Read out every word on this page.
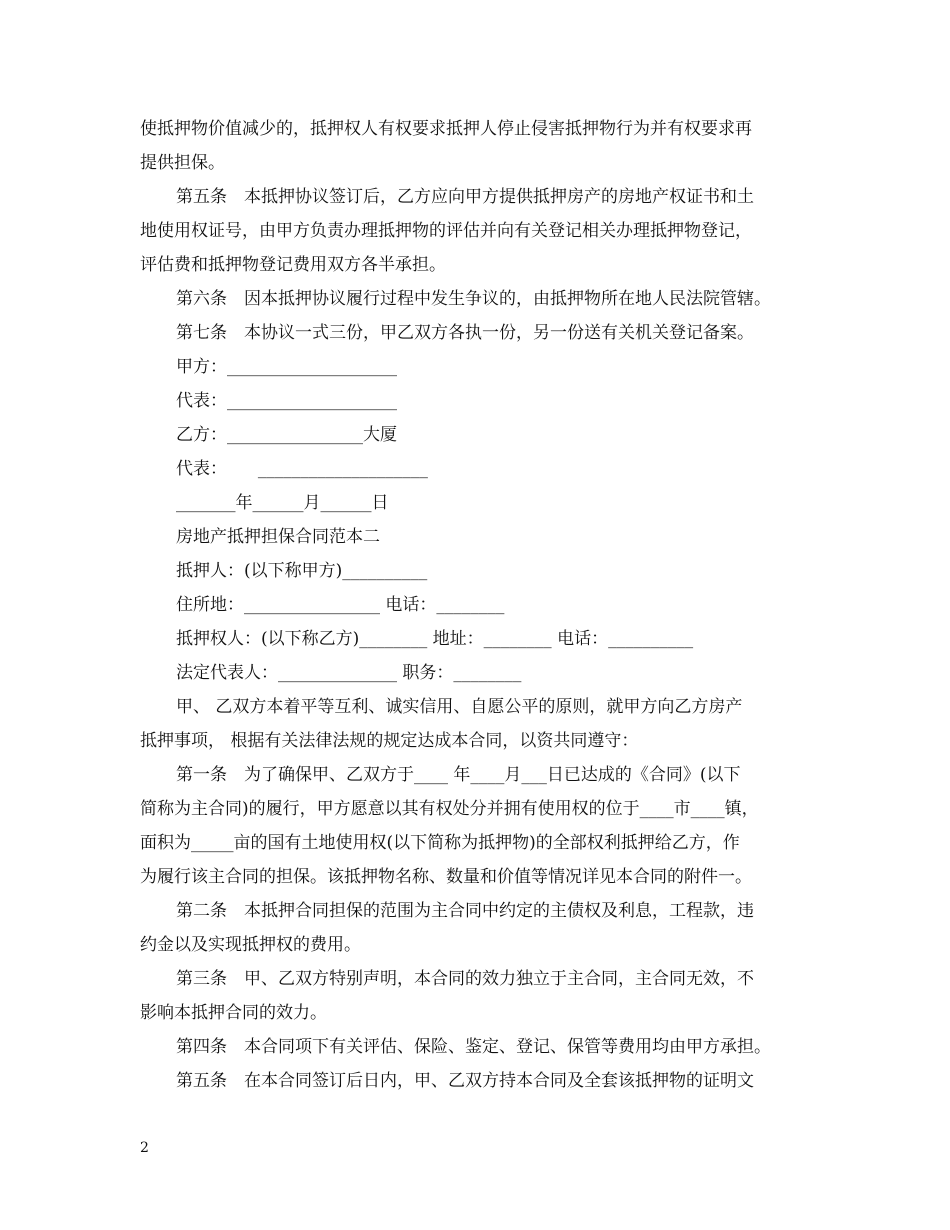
使抵押物价值减少的，抵押权人有权要求抵押人停止侵害抵押物行为并有权要求再

提供担保。

第五条　本抵押协议签订后，乙方应向甲方提供抵押房产的房地产权证书和土

地使用权证号，由甲方负责办理抵押物的评估并向有关登记相关办理抵押物登记，

评估费和抵押物登记费用双方各半承担。

第六条　因本抵押协议履行过程中发生争议的，由抵押物所在地人民法院管辖。

第七条　本协议一式三份，甲乙双方各执一份，另一份送有关机关登记备案。

甲方：____________________

代表：____________________

乙方：________________大厦

代表：　　 ____________________

_______年______月______日

房地产抵押担保合同范本二

抵押人：(以下称甲方)__________

住所地：________________ 电话：________

抵押权人：(以下称乙方)________ 地址：________ 电话：__________

法定代表人：______________ 职务：________

甲、 乙双方本着平等互利、诚实信用、自愿公平的原则，就甲方向乙方房产

抵押事项， 根据有关法律法规的规定达成本合同，以资共同遵守：

第一条　为了确保甲、乙双方于____ 年____月___日已达成的《合同》(以下

简称为主合同)的履行，甲方愿意以其有权处分并拥有使用权的位于____市____镇，

面积为_____亩的国有土地使用权(以下简称为抵押物)的全部权利抵押给乙方，作

为履行该主合同的担保。该抵押物名称、数量和价值等情况详见本合同的附件一。

第二条　本抵押合同担保的范围为主合同中约定的主债权及利息，工程款，违

约金以及实现抵押权的费用。

第三条　甲、乙双方特别声明，本合同的效力独立于主合同，主合同无效，不

影响本抵押合同的效力。

第四条　本合同项下有关评估、保险、鉴定、登记、保管等费用均由甲方承担。

第五条　在本合同签订后日内，甲、乙双方持本合同及全套该抵押物的证明文

2
